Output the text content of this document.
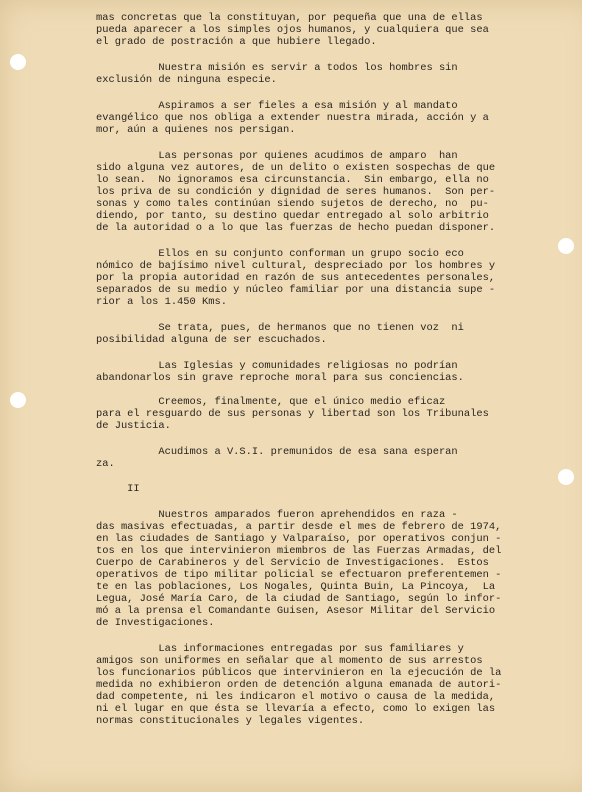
mas concretas que la constituyan, por pequeña que una de ellas
pueda aparecer a los simples ojos humanos, y cualquiera que sea
el grado de postración a que hubiere llegado.
Nuestra misión es servir a todos los hombres sin
exclusión de ninguna especie.
Aspiramos a ser fieles a esa misión y al mandato
evangélico que nos obliga a extender nuestra mirada, acción y a
mor, aún a quienes nos persigan.
Las personas por quienes acudimos de amparo  han
sido alguna vez autores, de un delito o existen sospechas de que
lo sean.  No ignoramos esa circunstancia.  Sin embargo, ella no
los priva de su condición y dignidad de seres humanos.  Son per-
sonas y como tales continúan siendo sujetos de derecho, no  pu-
diendo, por tanto, su destino quedar entregado al solo arbitrio
de la autoridad o a lo que las fuerzas de hecho puedan disponer.
Ellos en su conjunto conforman un grupo socio eco
nómico de bajísimo nivel cultural, despreciado por los hombres y
por la propia autoridad en razón de sus antecedentes personales,
separados de su medio y núcleo familiar por una distancia supe -
rior a los 1.450 Kms.
Se trata, pues, de hermanos que no tienen voz  ni
posibilidad alguna de ser escuchados.
Las Iglesias y comunidades religiosas no podrían
abandonarlos sin grave reproche moral para sus conciencias.
Creemos, finalmente, que el único medio eficaz
para el resguardo de sus personas y libertad son los Tribunales
de Justicia.
Acudimos a V.S.I. premunidos de esa sana esperan
za.
II
Nuestros amparados fueron aprehendidos en raza -
das masivas efectuadas, a partir desde el mes de febrero de 1974,
en las ciudades de Santiago y Valparaíso, por operativos conjun -
tos en los que intervinieron miembros de las Fuerzas Armadas, del
Cuerpo de Carabineros y del Servicio de Investigaciones.  Estos
operativos de tipo militar policial se efectuaron preferentemen -
te en las poblaciones, Los Nogales, Quinta Buin, La Pincoya,  La
Legua, José María Caro, de la ciudad de Santiago, según lo infor-
mó a la prensa el Comandante Guisen, Asesor Militar del Servicio
de Investigaciones.
Las informaciones entregadas por sus familiares y
amigos son uniformes en señalar que al momento de sus arrestos
los funcionarios públicos que intervinieron en la ejecución de la
medida no exhibieron orden de detención alguna emanada de autori-
dad competente, ni les indicaron el motivo o causa de la medida,
ni el lugar en que ésta se llevaría a efecto, como lo exigen las
normas constitucionales y legales vigentes.
